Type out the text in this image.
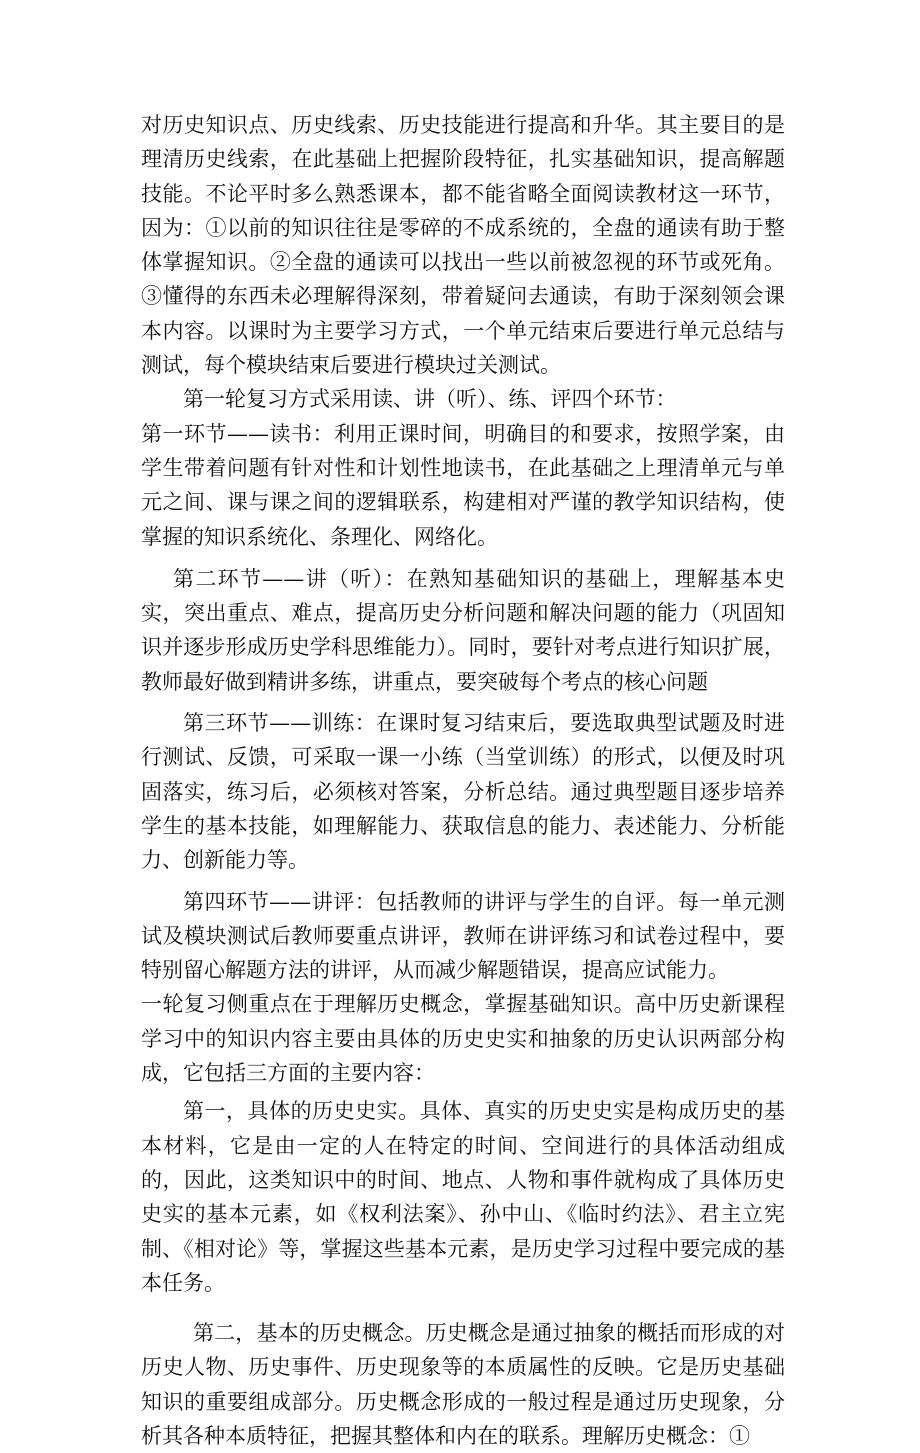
对历史知识点、历史线索、历史技能进行提高和升华。其主要目的是理清历史线索，在此基础上把握阶段特征，扎实基础知识，提高解题技能。不论平时多么熟悉课本，都不能省略全面阅读教材这一环节，因为：①以前的知识往往是零碎的不成系统的，全盘的通读有助于整体掌握知识。②全盘的通读可以找出一些以前被忽视的环节或死角。③懂得的东西未必理解得深刻，带着疑问去通读，有助于深刻领会课本内容。以课时为主要学习方式，一个单元结束后要进行单元总结与测试，每个模块结束后要进行模块过关测试。

第一轮复习方式采用读、讲（听）、练、评四个环节：

第一环节——读书：利用正课时间，明确目的和要求，按照学案，由学生带着问题有针对性和计划性地读书，在此基础之上理清单元与单元之间、课与课之间的逻辑联系，构建相对严谨的教学知识结构，使掌握的知识系统化、条理化、网络化。

第二环节——讲（听）：在熟知基础知识的基础上，理解基本史实，突出重点、难点，提高历史分析问题和解决问题的能力（巩固知识并逐步形成历史学科思维能力）。同时，要针对考点进行知识扩展，教师最好做到精讲多练，讲重点，要突破每个考点的核心问题

第三环节——训练：在课时复习结束后，要选取典型试题及时进行测试、反馈，可采取一课一小练（当堂训练）的形式，以便及时巩固落实，练习后，必须核对答案，分析总结。通过典型题目逐步培养学生的基本技能，如理解能力、获取信息的能力、表述能力、分析能力、创新能力等。

第四环节——讲评：包括教师的讲评与学生的自评。每一单元测试及模块测试后教师要重点讲评，教师在讲评练习和试卷过程中，要特别留心解题方法的讲评，从而减少解题错误，提高应试能力。

一轮复习侧重点在于理解历史概念，掌握基础知识。高中历史新课程学习中的知识内容主要由具体的历史史实和抽象的历史认识两部分构成，它包括三方面的主要内容：

第一，具体的历史史实。具体、真实的历史史实是构成历史的基本材料，它是由一定的人在特定的时间、空间进行的具体活动组成的，因此，这类知识中的时间、地点、人物和事件就构成了具体历史史实的基本元素，如《权利法案》、孙中山、《临时约法》、君主立宪制、《相对论》等，掌握这些基本元素，是历史学习过程中要完成的基本任务。

第二，基本的历史概念。历史概念是通过抽象的概括而形成的对历史人物、历史事件、历史现象等的本质属性的反映。它是历史基础知识的重要组成部分。历史概念形成的一般过程是通过历史现象，分析其各种本质特征，把握其整体和内在的联系。理解历史概念：①
